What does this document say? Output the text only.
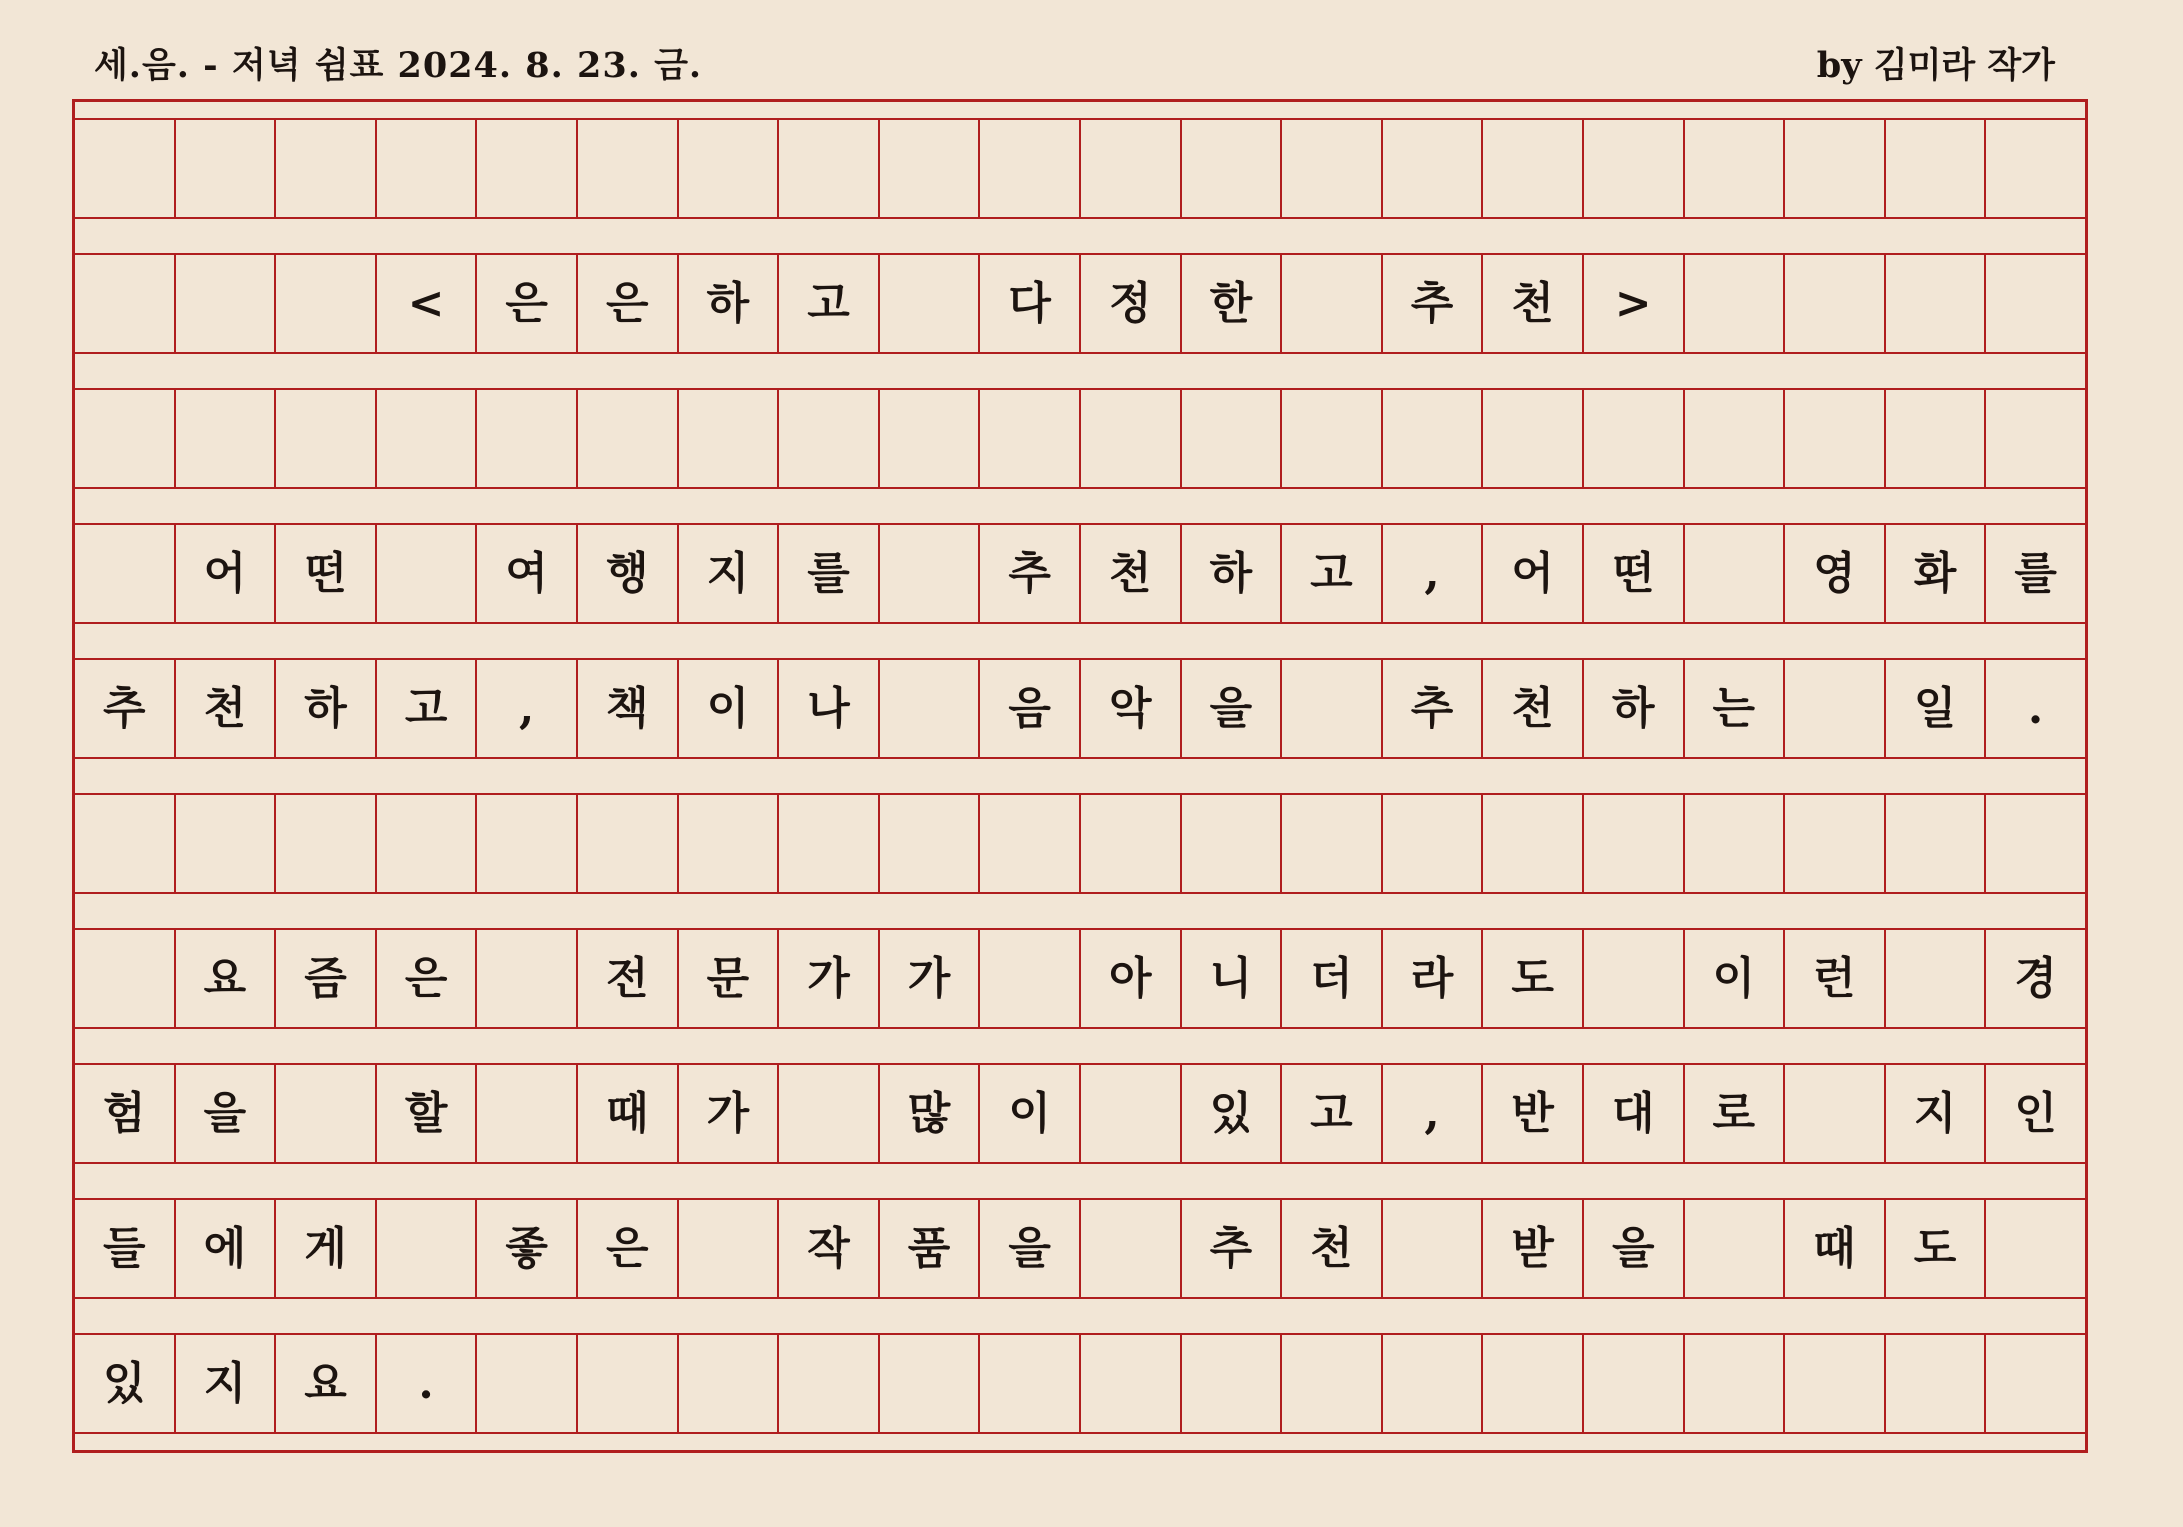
세.음. - 저녁 쉼표 2024. 8. 23. 금.	by 김미라 작가
<	은	은	하	고	다	정	한	추	천	>
어	떤	여	행	지	를	추	천	하	고	,	어	떤	영	화	를
추	천	하	고	,	책	이	나	음	악	을	추	천	하	는	일	.
요	즘	은	전	문	가	가	아	니	더	라	도	이	런	경
험	을	할	때	가	많	이	있	고	,	반	대	로	지	인
들	에	게	좋	은	작	품	을	추	천	받	을	때	도
있	지	요	.
